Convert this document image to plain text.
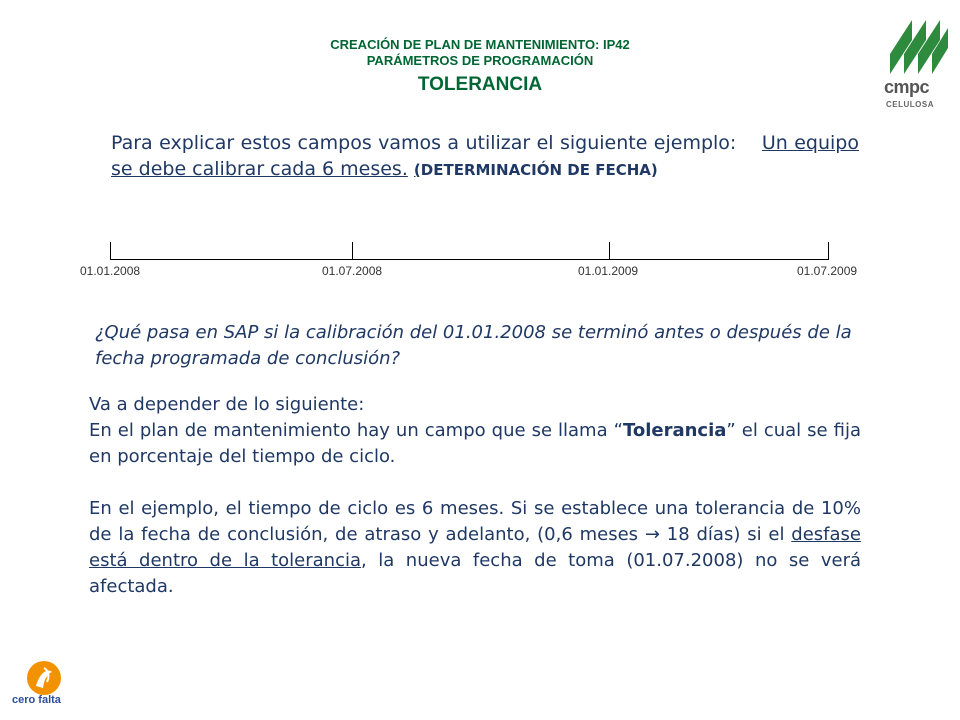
CREACIÓN DE PLAN DE MANTENIMIENTO: IP42
PARÁMETROS DE PROGRAMACIÓN
TOLERANCIA	cmpc
CELULOSA
Para explicar estos campos vamos a utilizar el siguiente ejemplo: Un equipo se debe calibrar cada 6 meses. (DETERMINACIÓN DE FECHA)
01.01.2008	01.07.2008	01.01.2009	01.07.2009
¿Qué pasa en SAP si la calibración del 01.01.2008 se terminó antes o después de la fecha programada de conclusión?

Va a depender de lo siguiente:

En el plan de mantenimiento hay un campo que se llama “Tolerancia” el cual se fija en porcentaje del tiempo de ciclo.

En el ejemplo, el tiempo de ciclo es 6 meses. Si se establece una tolerancia de 10% de la fecha de conclusión, de atraso y adelanto, (0,6 meses → 18 días) si el desfase está dentro de la tolerancia, la nueva fecha de toma (01.07.2008) no se verá afectada.

cero falta
